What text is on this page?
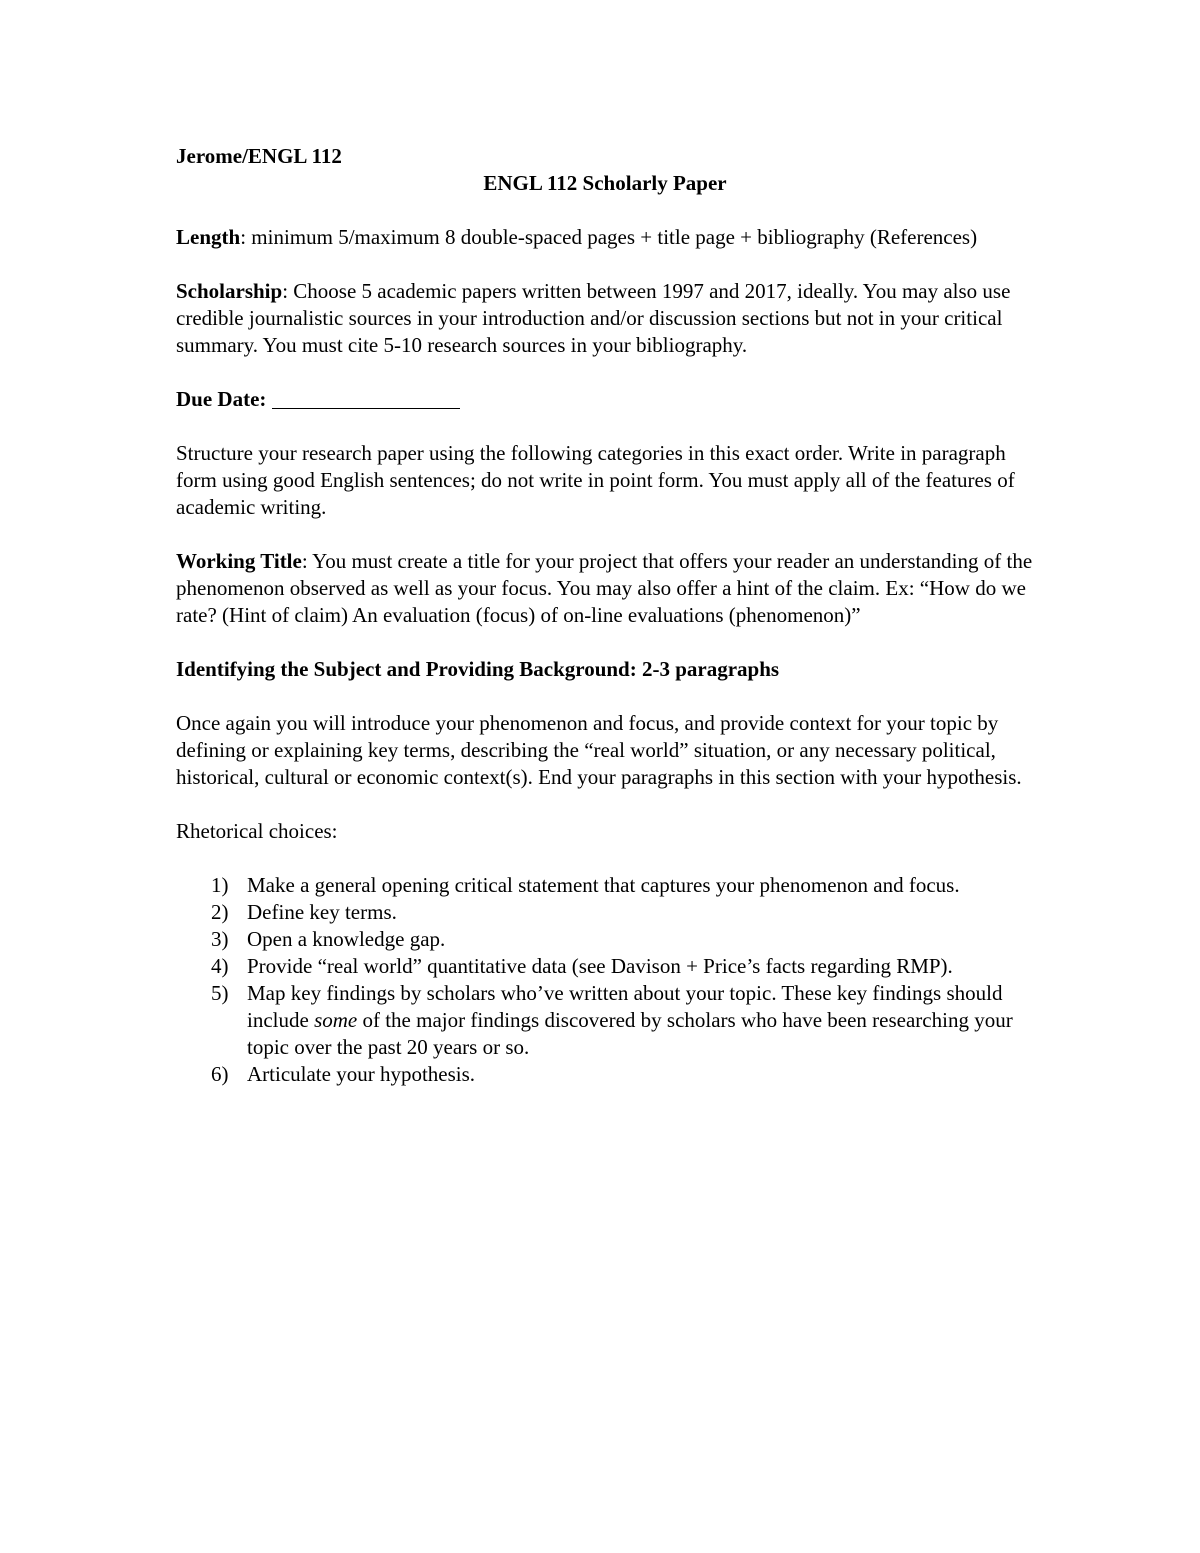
Jerome/ENGL 112

ENGL 112 Scholarly Paper

Length: minimum 5/maximum 8 double-spaced pages + title page + bibliography (References)

Scholarship: Choose 5 academic papers written between 1997 and 2017, ideally. You may also use credible journalistic sources in your introduction and/or discussion sections but not in your critical summary. You must cite 5-10 research sources in your bibliography.

Due Date:

Structure your research paper using the following categories in this exact order. Write in paragraph form using good English sentences; do not write in point form. You must apply all of the features of academic writing.

Working Title: You must create a title for your project that offers your reader an understanding of the phenomenon observed as well as your focus. You may also offer a hint of the claim. Ex: “How do we rate? (Hint of claim) An evaluation (focus) of on-line evaluations (phenomenon)”

Identifying the Subject and Providing Background: 2-3 paragraphs

Once again you will introduce your phenomenon and focus, and provide context for your topic by defining or explaining key terms, describing the “real world” situation, or any necessary political, historical, cultural or economic context(s). End your paragraphs in this section with your hypothesis.

Rhetorical choices:

1) Make a general opening critical statement that captures your phenomenon and focus.
2) Define key terms.
3) Open a knowledge gap.
4) Provide “real world” quantitative data (see Davison + Price’s facts regarding RMP).
5) Map key findings by scholars who’ve written about your topic. These key findings should include some of the major findings discovered by scholars who have been researching your topic over the past 20 years or so.
6) Articulate your hypothesis.
